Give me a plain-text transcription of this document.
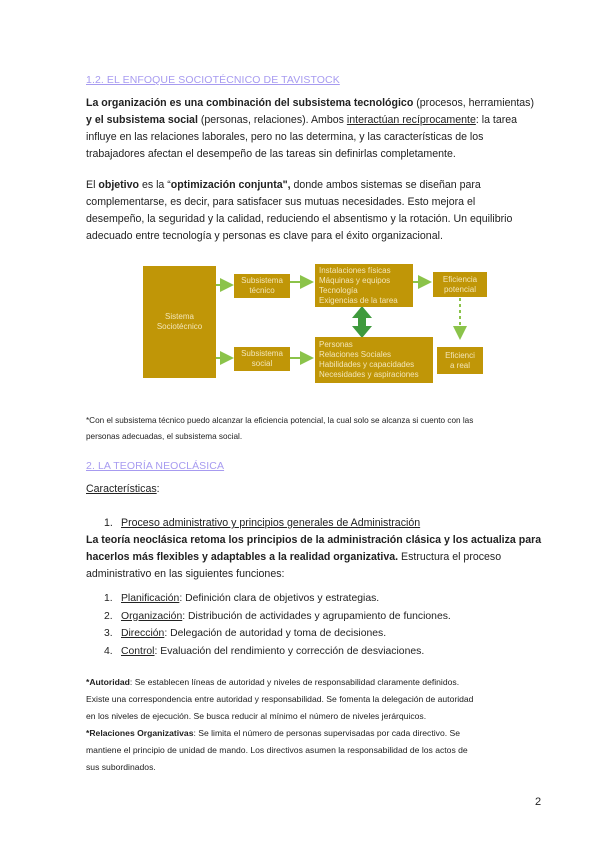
1.2. EL ENFOQUE SOCIOTÉCNICO DE TAVISTOCK
La organización es una combinación del subsistema tecnológico (procesos, herramientas)
y el subsistema social (personas, relaciones). Ambos interactúan recíprocamente: la tarea
influye en las relaciones laborales, pero no las determina, y las características de los
trabajadores afectan el desempeño de las tareas sin definirlas completamente.
El objetivo es la “optimización conjunta", donde ambos sistemas se diseñan para
complementarse, es decir, para satisfacer sus mutuas necesidades. Esto mejora el
desempeño, la seguridad y la calidad, reduciendo el absentismo y la rotación. Un equilibrio
adecuado entre tecnología y personas es clave para el éxito organizacional.
Sistema
Sociotécnico
Subsistema
técnico
Subsistema
social
Instalaciones físicas
Máquinas y equipos
Tecnología
Exigencias de la tarea
Personas
Relaciones Sociales
Habilidades y capacidades
Necesidades y aspiraciones
Eficiencia
potencial
Eficienci
a real
*Con el subsistema técnico puedo alcanzar la eficiencia potencial, la cual solo se alcanza si cuento con las
personas adecuadas, el subsistema social.
2. LA TEORÍA NEOCLÁSICA
Características:
1. Proceso administrativo y principios generales de Administración
La teoría neoclásica retoma los principios de la administración clásica y los actualiza para
hacerlos más flexibles y adaptables a la realidad organizativa. Estructura el proceso
administrativo en las siguientes funciones:
1. Planificación: Definición clara de objetivos y estrategias.
2. Organización: Distribución de actividades y agrupamiento de funciones.
3. Dirección: Delegación de autoridad y toma de decisiones.
4. Control: Evaluación del rendimiento y corrección de desviaciones.
*Autoridad: Se establecen líneas de autoridad y niveles de responsabilidad claramente definidos.
Existe una correspondencia entre autoridad y responsabilidad. Se fomenta la delegación de autoridad
en los niveles de ejecución. Se busca reducir al mínimo el número de niveles jerárquicos.
*Relaciones Organizativas: Se limita el número de personas supervisadas por cada directivo. Se
mantiene el principio de unidad de mando. Los directivos asumen la responsabilidad de los actos de
sus subordinados.
2
